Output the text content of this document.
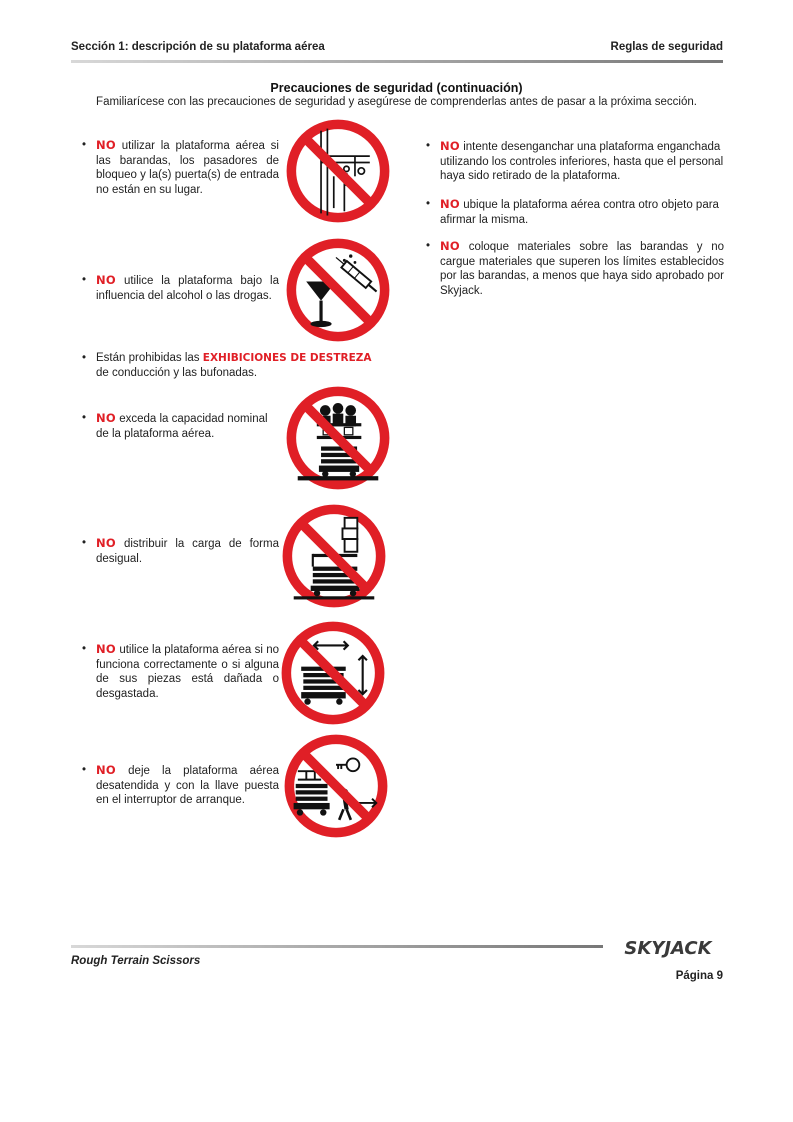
Sección 1: descripción de su plataforma aérea	Reglas de seguridad
Precauciones de seguridad (continuación)
Familiarícese con las precauciones de seguridad y asegúrese de comprenderlas antes de pasar a la próxima sección.

• NO utilizar la plataforma aérea si las barandas, los pasadores de bloqueo y la(s) puerta(s) de entrada no están en su lugar.

• NO utilice la plataforma bajo la influencia del alcohol o las drogas.

• Están prohibidas las EXHIBICIONES DE DESTREZA
de conducción y las bufonadas.

• NO exceda la capacidad nominal de la plataforma aérea.

• NO distribuir la carga de forma desigual.

• NO utilice la plataforma aérea si no funciona correctamente o si alguna de sus piezas está dañada o desgastada.

• NO deje la plataforma aérea desatendida y con la llave puesta en el interruptor de arranque.

• NO intente desenganchar una plataforma enganchada utilizando los controles inferiores, hasta que el personal haya sido retirado de la plataforma.

• NO ubique la plataforma aérea contra otro objeto para afirmar la misma.

• NO coloque materiales sobre las barandas y no cargue materiales que superen los límites establecidos por las barandas, a menos que haya sido aprobado por Skyjack.

SKYJACK
Rough Terrain Scissors
Página 9
